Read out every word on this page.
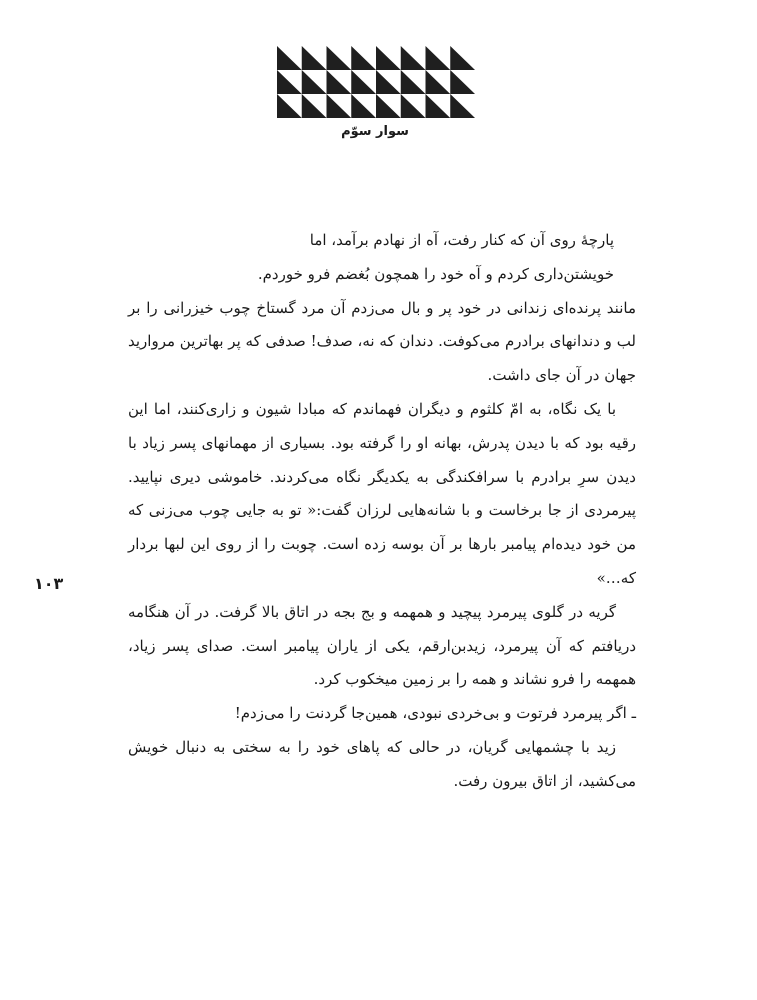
سوار سوّم
۱۰۳

پارچهٔ روی آن که کنار رفت، آه از نهادم برآمد، اما

خویشتن‌داری کردم و آه خود را همچون بُغضم فرو خوردم.

مانند پرنده‌ای زندانی در خود پر و بال می‌زدم آن مرد گستاخ چوب خیزرانی را بر لب و دندانهای برادرم می‌کوفت. دندان که نه، صدف! صدفی که پر بهاترین مروارید جهان در آن جای داشت.

با یک نگاه، به امّ کلثوم و دیگران فهماندم که مبادا شیون و زاری‌کنند، اما این رقیه بود که با دیدن پدرش، بهانه او را گرفته بود. بسیاری از مهمانهای پسر زیاد با دیدن سرِ برادرم با سرافکندگی به یکدیگر نگاه می‌کردند. خاموشی دیری نپایید. پیرمردی از جا برخاست و با شانه‌هایی لرزان گفت:« تو به جایی چوب می‌زنی که من خود دیده‌ام پیامبر بارها بر آن بوسه زده است. چوبت را از روی این لبها بردار که…»

گریه در گلوی پیرمرد پیچید و همهمه و بج بجه در اتاق بالا گرفت. در آن هنگامه دریافتم که آن پیرمرد، زیدبن‌ارقم، یکی از یاران پیامبر است. صدای پسر زیاد، همهمه را فرو نشاند و همه را بر زمین میخکوب کرد.

ـ اگر پیرمرد فرتوت و بی‌خردی نبودی، همین‌جا گردنت را می‌زدم!

زید با چشمهایی گریان، در حالی که پاهای خود را به سختی به دنبال خویش می‌کشید، از اتاق بیرون رفت.
